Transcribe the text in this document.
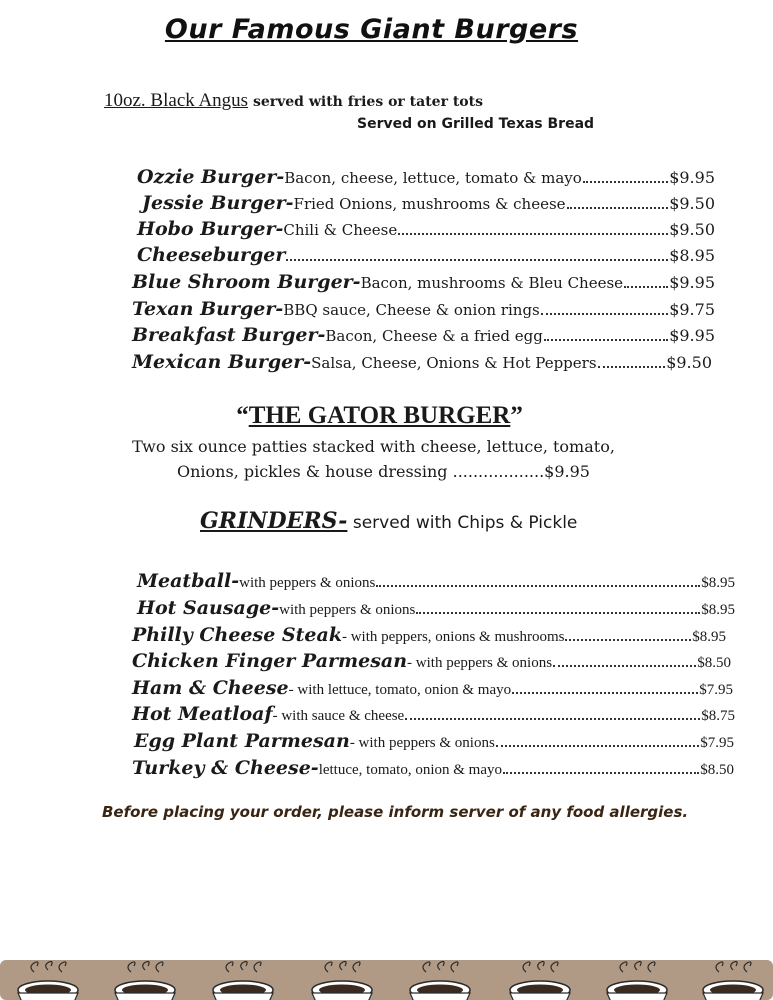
Our Famous Giant Burgers
10oz. Black Angus served with fries or tater tots
Served on Grilled Texas Bread
Ozzie Burger- Bacon, cheese, lettuce, tomato & mayo	$9.95
Jessie Burger- Fried Onions, mushrooms & cheese	$9.50
Hobo Burger- Chili & Cheese	$9.50
Cheeseburger	$8.95
Blue Shroom Burger- Bacon, mushrooms & Bleu Cheese	$9.95
Texan Burger- BBQ sauce, Cheese & onion rings	$9.75
Breakfast Burger- Bacon, Cheese & a fried egg	$9.95
Mexican Burger- Salsa, Cheese, Onions & Hot Peppers	$9.50
“THE GATOR BURGER”
Two six ounce patties stacked with cheese, lettuce, tomato,
Onions, pickles & house dressing ..................$9.95
GRINDERS- served with Chips & Pickle
Meatball- with peppers & onions	$8.95
Hot Sausage- with peppers & onions	$8.95
Philly Cheese Steak - with peppers, onions & mushrooms	$8.95
Chicken Finger Parmesan - with peppers & onions	$8.50
Ham & Cheese - with lettuce, tomato, onion & mayo	$7.95
Hot Meatloaf - with sauce & cheese	$8.75
Egg Plant Parmesan - with peppers & onions	$7.95
Turkey & Cheese- lettuce, tomato, onion & mayo	$8.50
Before placing your order, please inform server of any food allergies.
